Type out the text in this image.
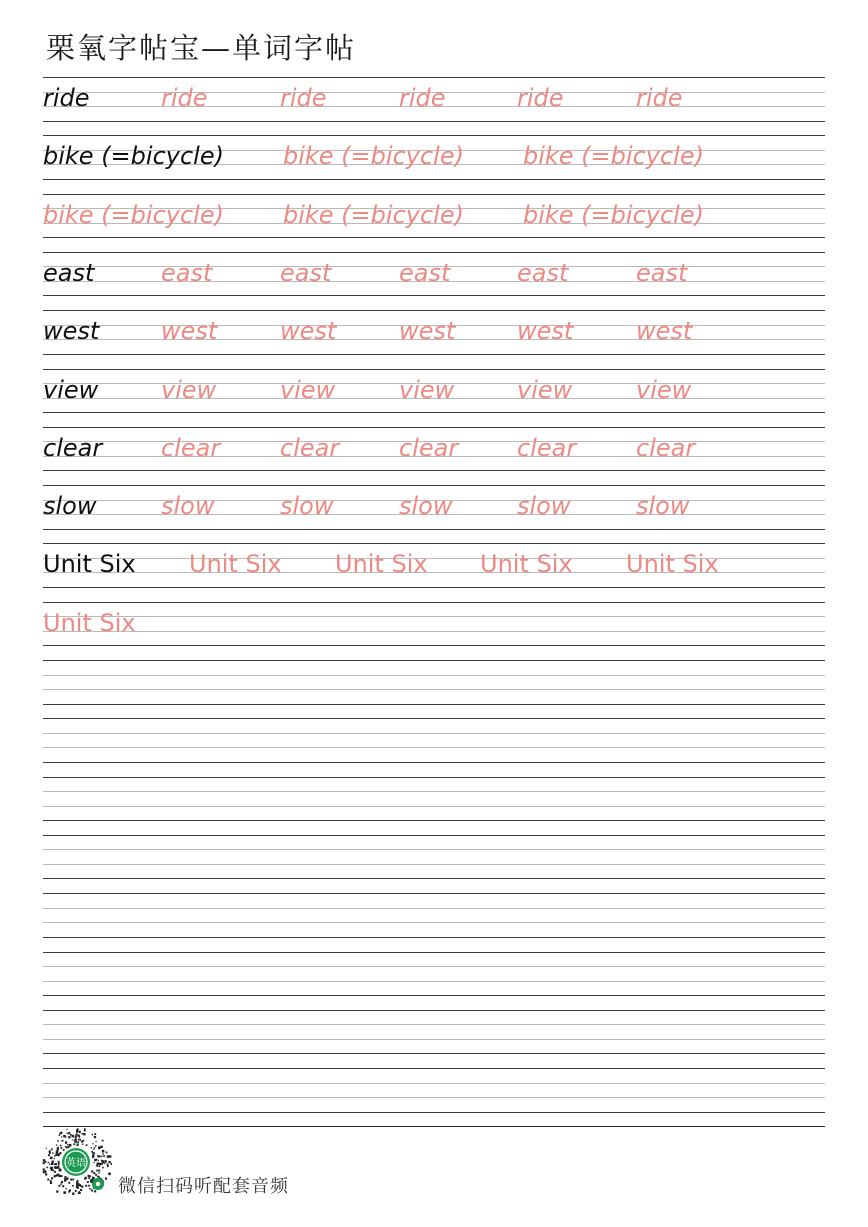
栗氧字帖宝—单词字帖
ride	ride	ride	ride	ride	ride
bike (=bicycle) bike (=bicycle) bike (=bicycle)
bike (=bicycle) bike (=bicycle) bike (=bicycle)
east	east	east	east	east	east
west	west	west	west	west	west
view	view	view	view	view	view
clear clear clear clear clear clear
slow	slow	slow	slow	slow	slow
Unit Six Unit Six Unit Six Unit Six Unit Six
Unit Six
英语
微信扫码听配套音频
